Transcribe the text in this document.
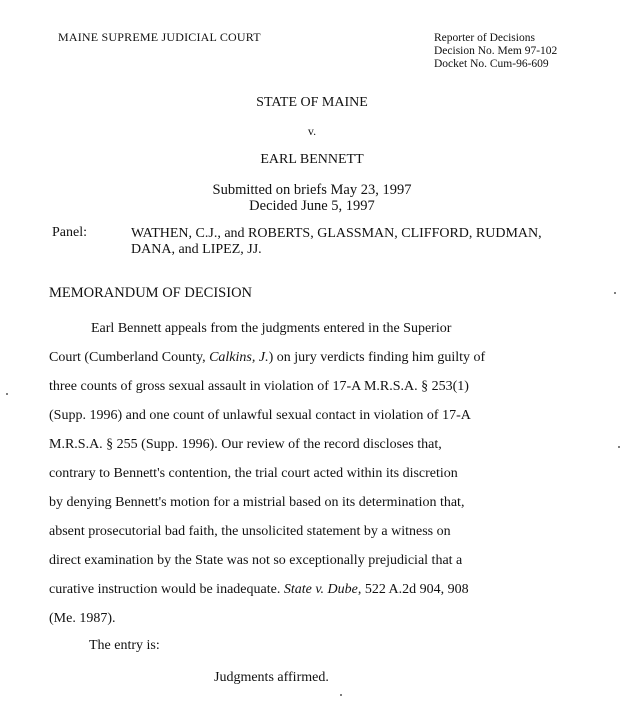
MAINE SUPREME JUDICIAL COURT	Reporter of Decisions
Decision No. Mem 97-102
Docket No. Cum-96-609
STATE OF MAINE
v.
EARL BENNETT
Submitted on briefs May 23, 1997
Decided June 5, 1997
Panel:	WATHEN, C.J., and ROBERTS, GLASSMAN, CLIFFORD, RUDMAN,
DANA, and LIPEZ, JJ.
MEMORANDUM OF DECISION
Earl Bennett appeals from the judgments entered in the Superior
Court (Cumberland County, Calkins, J.) on jury verdicts finding him guilty of
three counts of gross sexual assault in violation of 17-A M.R.S.A. § 253(1)
(Supp. 1996) and one count of unlawful sexual contact in violation of 17-A
M.R.S.A. § 255 (Supp. 1996). Our review of the record discloses that,
contrary to Bennett's contention, the trial court acted within its discretion
by denying Bennett's motion for a mistrial based on its determination that,
absent prosecutorial bad faith, the unsolicited statement by a witness on
direct examination by the State was not so exceptionally prejudicial that a
curative instruction would be inadequate. State v. Dube, 522 A.2d 904, 908
(Me. 1987).
The entry is:
Judgments affirmed.
